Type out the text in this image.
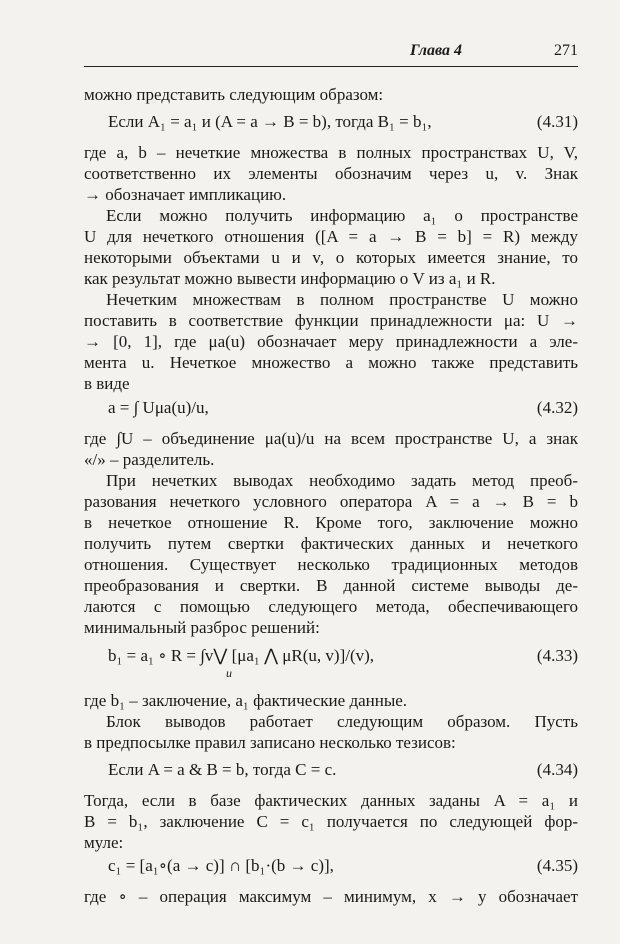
Глава 4	271
можно представить следующим образом:
Если A₁ = a₁ и (A = a → B = b), тогда B₁ = b₁,	(4.31)
где a, b – нечеткие множества в полных пространствах U, V,
соответственно их элементы обозначим через u, v. Знак
→ обозначает импликацию.
Если можно получить информацию a₁ о пространстве
U для нечеткого отношения ([A = a → B = b] = R) между
некоторыми объектами u и v, о которых имеется знание, то
как результат можно вывести информацию о V из a₁ и R.
Нечетким множествам в полном пространстве U можно
поставить в соответствие функции принадлежности μa: U →
→ [0, 1], где μa(u) обозначает меру принадлежности a эле-
мента u. Нечеткое множество a можно также представить
в виде
a = ∫ Uμa(u)/u,	(4.32)
где ∫U – объединение μa(u)/u на всем пространстве U, а знак
«/» – разделитель.
При нечетких выводах необходимо задать метод преоб-
разования нечеткого условного оператора A = a → B = b
в нечеткое отношение R. Кроме того, заключение можно
получить путем свертки фактических данных и нечеткого
отношения. Существует несколько традиционных методов
преобразования и свертки. В данной системе выводы де-
лаются с помощью следующего метода, обеспечивающего
минимальный разброс решений:
b₁ = a₁ ∘ R = ∫v⋁ [μa₁ ⋀ μR(u, v)]/(v),
u
(4.33)
где b₁ – заключение, a₁ фактические данные.
Блок выводов работает следующим образом. Пусть
в предпосылке правил записано несколько тезисов:
Если A = a & B = b, тогда C = c.	(4.34)
Тогда, если в базе фактических данных заданы A = a₁ и
B = b₁, заключение C = c₁ получается по следующей фор-
муле:
c₁ = [a₁∘(a → c)] ∩ [b₁·(b → c)],	(4.35)
где ∘ – операция максимум – минимум, x → y обозначает
